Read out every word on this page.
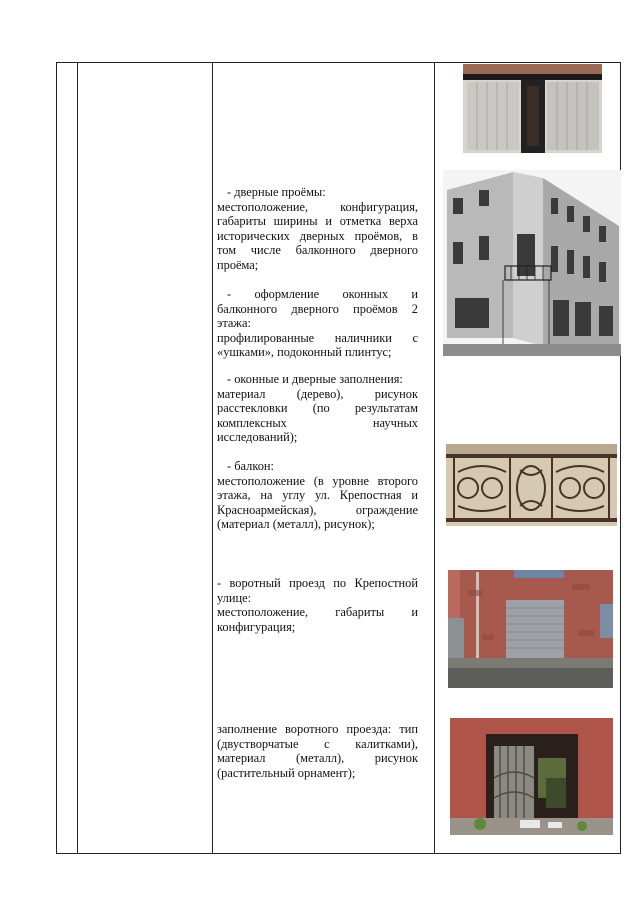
- дверные проёмы:

местоположение, конфигурация, габариты ширины и отметка верха исторических дверных проёмов, в том числе балконного дверного проёма;

- оформление оконных и балконного дверного проёмов 2 этажа:

профилированные наличники с «ушками», подоконный плинтус;

- оконные и дверные заполнения:

материал (дерево), рисунок расстекловки (по результатам комплексных научных исследований);

- балкон:

местоположение (в уровне второго этажа, на углу ул. Крепостная и Красноармейская), ограждение (материал (металл), рисунок);

- воротный проезд по Крепостной улице:

местоположение, габариты и конфигурация;

заполнение воротного проезда: тип (двустворчатые с калитками), материал (металл), рисунок (растительный орнамент);
